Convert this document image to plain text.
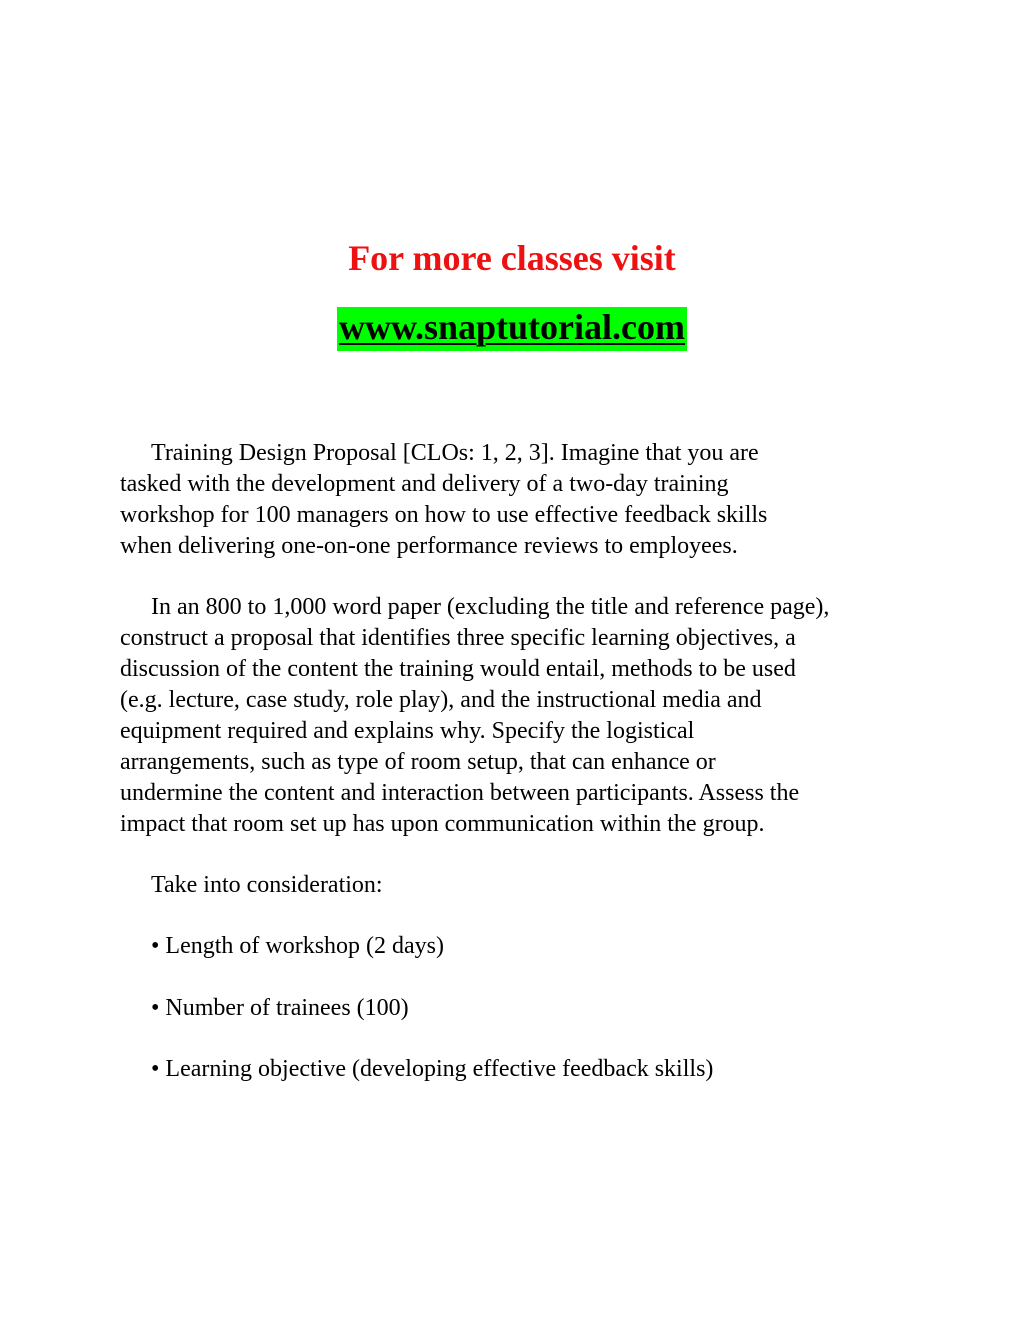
For more classes visit
www.snaptutorial.com
Training Design Proposal [CLOs: 1, 2, 3]. Imagine that you are
tasked with the development and delivery of a two-day training
workshop for 100 managers on how to use effective feedback skills
when delivering one-on-one performance reviews to employees.
In an 800 to 1,000 word paper (excluding the title and reference page),
construct a proposal that identifies three specific learning objectives, a
discussion of the content the training would entail, methods to be used
(e.g. lecture, case study, role play), and the instructional media and
equipment required and explains why. Specify the logistical
arrangements, such as type of room setup, that can enhance or
undermine the content and interaction between participants. Assess the
impact that room set up has upon communication within the group.
Take into consideration:
• Length of workshop (2 days)
• Number of trainees (100)
• Learning objective (developing effective feedback skills)
